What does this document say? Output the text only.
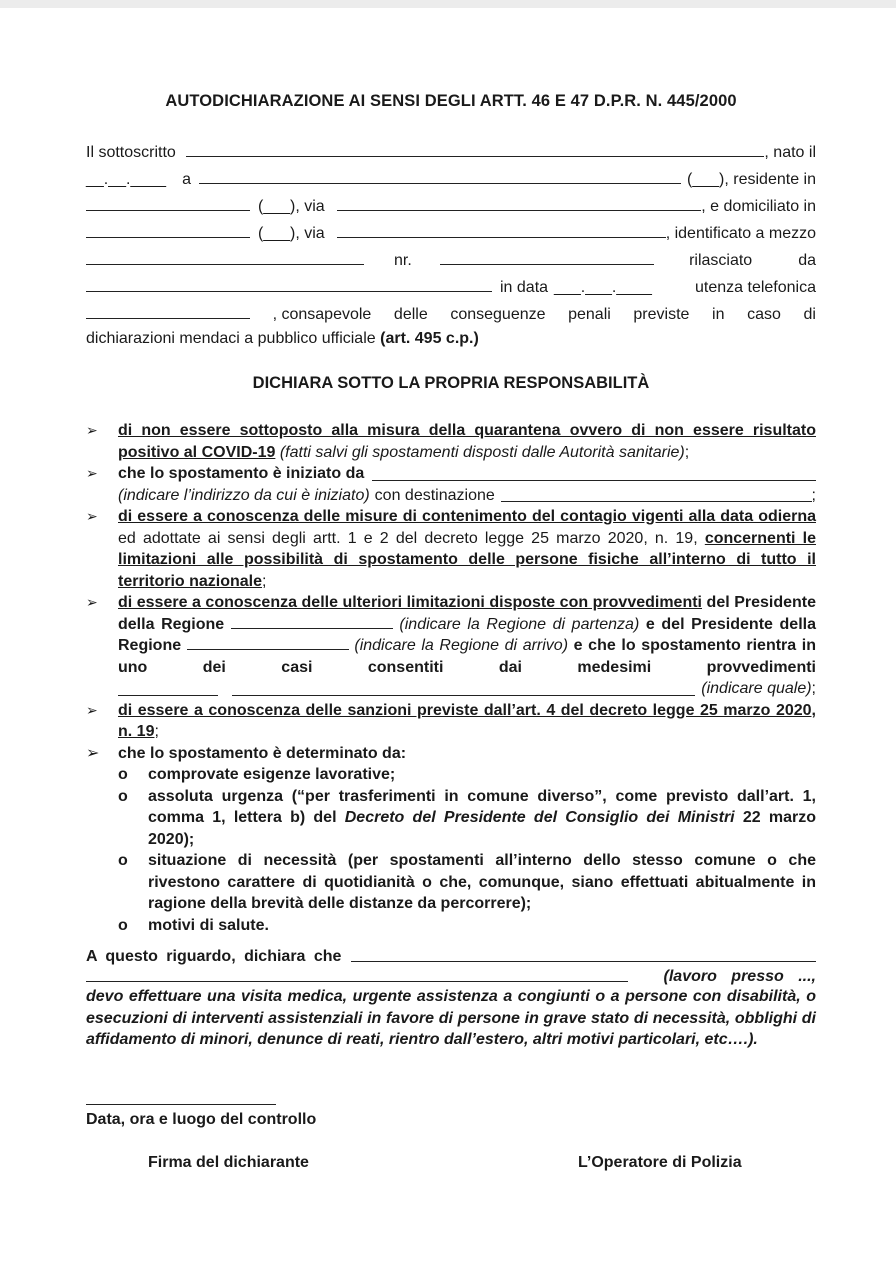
AUTODICHIARAZIONE AI SENSI DEGLI ARTT. 46 E 47 D.P.R. N. 445/2000
Il sottoscritto	, nato il
__.__.____ a	(___), residente in
(___), via	, e domiciliato in
(___), via	, identificato a mezzo
nr.	rilasciato	da
in data ___.___.____	utenza telefonica
, consapevole delle conseguenze penali previste in caso di
dichiarazioni mendaci a pubblico ufficiale (art. 495 c.p.)
DICHIARA SOTTO LA PROPRIA RESPONSABILITÀ
➢ di non essere sottoposto alla misura della quarantena ovvero di non essere risultato positivo al COVID-19 (fatti salvi gli spostamenti disposti dalle Autorità sanitarie);
➢ che lo spostamento è iniziato da
(indicare l’indirizzo da cui è iniziato) con destinazione	;
➢ di essere a conoscenza delle misure di contenimento del contagio vigenti alla data odierna ed adottate ai sensi degli artt. 1 e 2 del decreto legge 25 marzo 2020, n. 19, concernenti le limitazioni alle possibilità di spostamento delle persone fisiche all’interno di tutto il territorio nazionale;
➢ di essere a conoscenza delle ulteriori limitazioni disposte con provvedimenti del Presidente della Regione	(indicare la Regione di partenza) e del Presidente della Regione	(indicare la Regione di arrivo) e che lo spostamento rientra in uno dei casi consentiti dai medesimi provvedimenti
(indicare quale) ;
➢ di essere a conoscenza delle sanzioni previste dall’art. 4 del decreto legge 25 marzo 2020, n. 19;
➢ che lo spostamento è determinato da:
o comprovate esigenze lavorative;
o assoluta urgenza (“per trasferimenti in comune diverso”, come previsto dall’art. 1, comma 1, lettera b) del Decreto del Presidente del Consiglio dei Ministri 22 marzo 2020);
o situazione di necessità (per spostamenti all’interno dello stesso comune o che rivestono carattere di quotidianità o che, comunque, siano effettuati abitualmente in ragione della brevità delle distanze da percorrere);
o motivi di salute.
A questo riguardo, dichiara che
(lavoro presso ...,
devo effettuare una visita medica, urgente assistenza a congiunti o a persone con disabilità, o esecuzioni di interventi assistenziali in favore di persone in grave stato di necessità, obblighi di affidamento di minori, denunce di reati, rientro dall’estero, altri motivi particolari, etc….).
Data, ora e luogo del controllo
Firma del dichiarante	L’Operatore di Polizia
